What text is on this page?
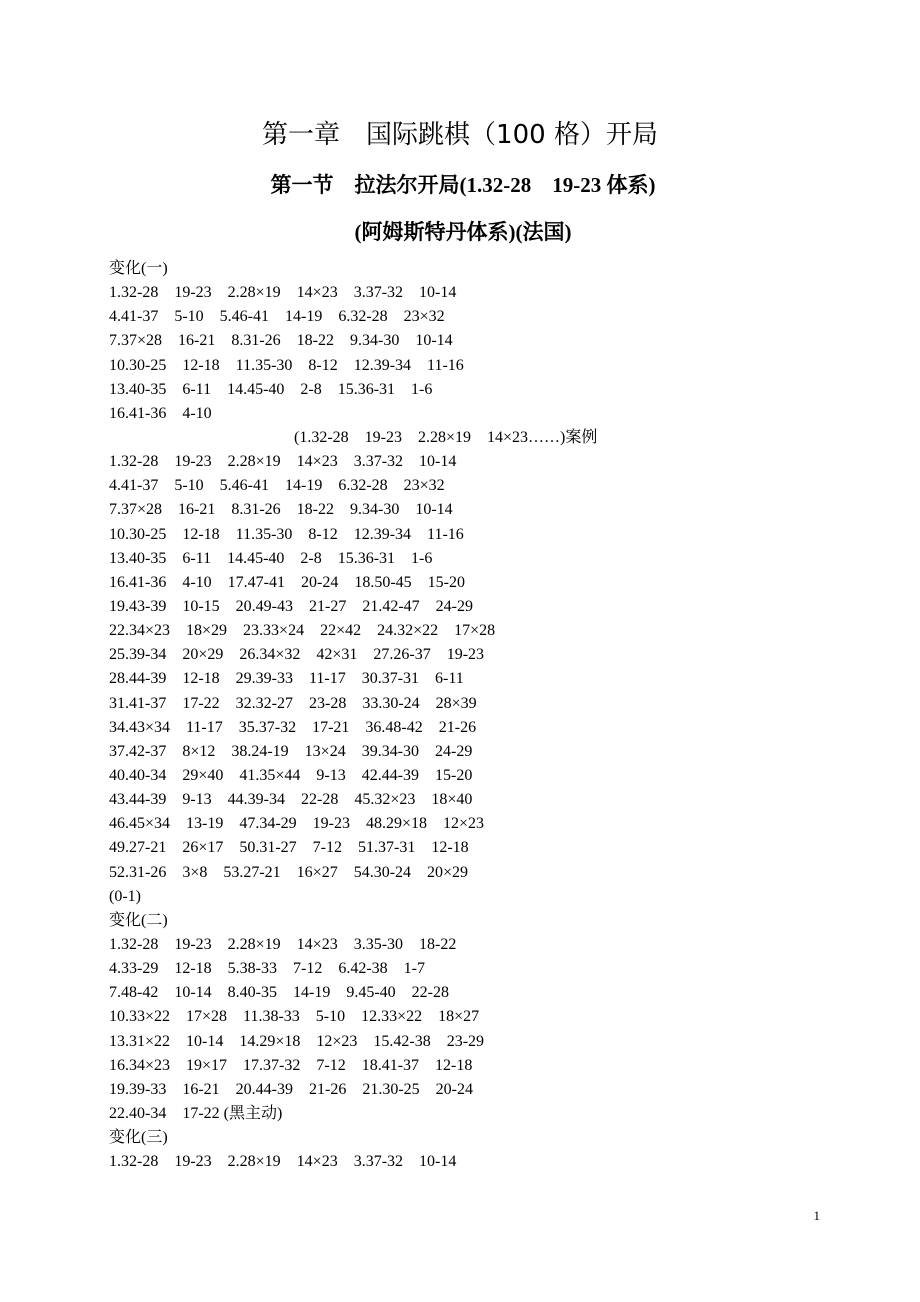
第一章　国际跳棋（100 格）开局
第一节　拉法尔开局(1.32-28　19-23 体系)
(阿姆斯特丹体系)(法国)
变化(一)
1.32-28　19-23　2.28×19　14×23　3.37-32　10-14
4.41-37　5-10　5.46-41　14-19　6.32-28　23×32
7.37×28　16-21　8.31-26　18-22　9.34-30　10-14
10.30-25　12-18　11.35-30　8-12　12.39-34　11-16
13.40-35　6-11　14.45-40　2-8　15.36-31　1-6
16.41-36　4-10
(1.32-28　19-23　2.28×19　14×23……)案例
1.32-28　19-23　2.28×19　14×23　3.37-32　10-14
4.41-37　5-10　5.46-41　14-19　6.32-28　23×32
7.37×28　16-21　8.31-26　18-22　9.34-30　10-14
10.30-25　12-18　11.35-30　8-12　12.39-34　11-16
13.40-35　6-11　14.45-40　2-8　15.36-31　1-6
16.41-36　4-10　17.47-41　20-24　18.50-45　15-20
19.43-39　10-15　20.49-43　21-27　21.42-47　24-29
22.34×23　18×29　23.33×24　22×42　24.32×22　17×28
25.39-34　20×29　26.34×32　42×31　27.26-37　19-23
28.44-39　12-18　29.39-33　11-17　30.37-31　6-11
31.41-37　17-22　32.32-27　23-28　33.30-24　28×39
34.43×34　11-17　35.37-32　17-21　36.48-42　21-26
37.42-37　8×12　38.24-19　13×24　39.34-30　24-29
40.40-34　29×40　41.35×44　9-13　42.44-39　15-20
43.44-39　9-13　44.39-34　22-28　45.32×23　18×40
46.45×34　13-19　47.34-29　19-23　48.29×18　12×23
49.27-21　26×17　50.31-27　7-12　51.37-31　12-18
52.31-26　3×8　53.27-21　16×27　54.30-24　20×29
(0-1)
变化(二)
1.32-28　19-23　2.28×19　14×23　3.35-30　18-22
4.33-29　12-18　5.38-33　7-12　6.42-38　1-7
7.48-42　10-14　8.40-35　14-19　9.45-40　22-28
10.33×22　17×28　11.38-33　5-10　12.33×22　18×27
13.31×22　10-14　14.29×18　12×23　15.42-38　23-29
16.34×23　19×17　17.37-32　7-12　18.41-37　12-18
19.39-33　16-21　20.44-39　21-26　21.30-25　20-24
22.40-34　17-22 (黑主动)
变化(三)
1.32-28　19-23　2.28×19　14×23　3.37-32　10-14
1
